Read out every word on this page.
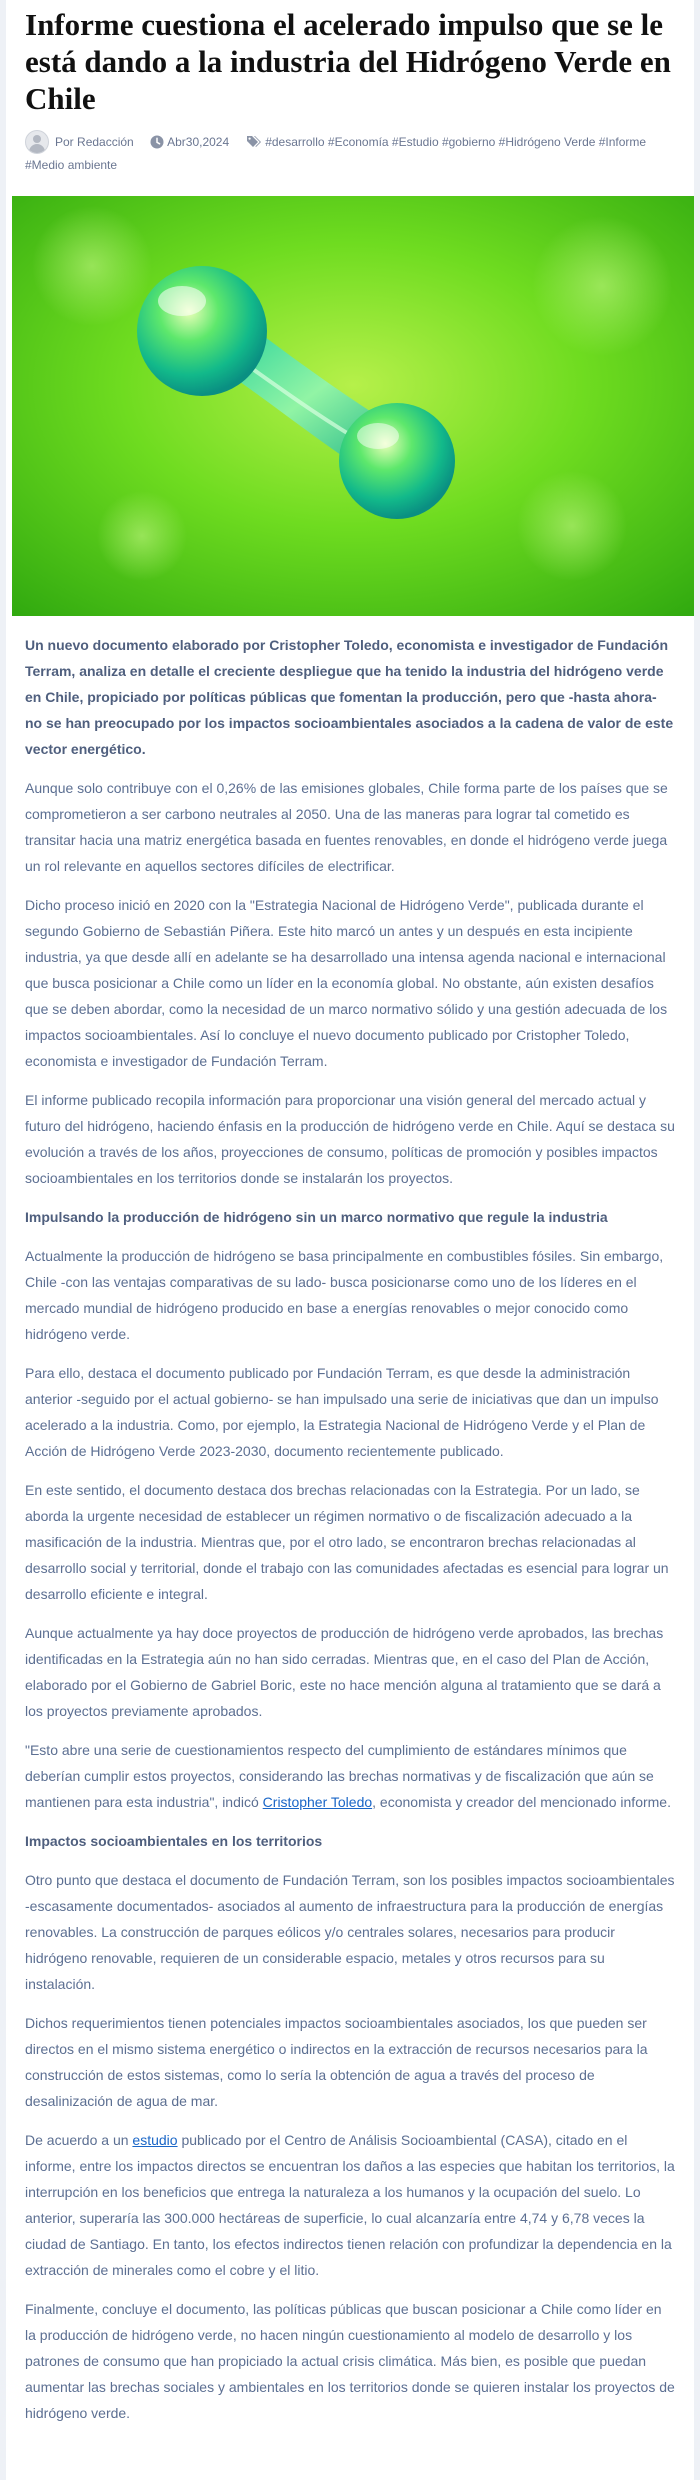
Informe cuestiona el acelerado impulso que se le está dando a la industria del Hidrógeno Verde en Chile
Por Redacción	Abr30,2024	#desarrollo #Economía #Estudio #gobierno #Hidrógeno Verde #Informe #Medio ambiente

Un nuevo documento elaborado por Cristopher Toledo, economista e investigador de Fundación Terram, analiza en detalle el creciente despliegue que ha tenido la industria del hidrógeno verde en Chile, propiciado por políticas públicas que fomentan la producción, pero que -hasta ahora- no se han preocupado por los impactos socioambientales asociados a la cadena de valor de este vector energético.

Aunque solo contribuye con el 0,26% de las emisiones globales, Chile forma parte de los países que se comprometieron a ser carbono neutrales al 2050. Una de las maneras para lograr tal cometido es transitar hacia una matriz energética basada en fuentes renovables, en donde el hidrógeno verde juega un rol relevante en aquellos sectores difíciles de electrificar.

Dicho proceso inició en 2020 con la "Estrategia Nacional de Hidrógeno Verde", publicada durante el segundo Gobierno de Sebastián Piñera. Este hito marcó un antes y un después en esta incipiente industria, ya que desde allí en adelante se ha desarrollado una intensa agenda nacional e internacional que busca posicionar a Chile como un líder en la economía global. No obstante, aún existen desafíos que se deben abordar, como la necesidad de un marco normativo sólido y una gestión adecuada de los impactos socioambientales. Así lo concluye el nuevo documento publicado por Cristopher Toledo, economista e investigador de Fundación Terram.

El informe publicado recopila información para proporcionar una visión general del mercado actual y futuro del hidrógeno, haciendo énfasis en la producción de hidrógeno verde en Chile. Aquí se destaca su evolución a través de los años, proyecciones de consumo, políticas de promoción y posibles impactos socioambientales en los territorios donde se instalarán los proyectos.

Impulsando la producción de hidrógeno sin un marco normativo que regule la industria

Actualmente la producción de hidrógeno se basa principalmente en combustibles fósiles. Sin embargo, Chile -con las ventajas comparativas de su lado- busca posicionarse como uno de los líderes en el mercado mundial de hidrógeno producido en base a energías renovables o mejor conocido como hidrógeno verde.

Para ello, destaca el documento publicado por Fundación Terram, es que desde la administración anterior -seguido por el actual gobierno- se han impulsado una serie de iniciativas que dan un impulso acelerado a la industria. Como, por ejemplo, la Estrategia Nacional de Hidrógeno Verde y el Plan de Acción de Hidrógeno Verde 2023-2030, documento recientemente publicado.

En este sentido, el documento destaca dos brechas relacionadas con la Estrategia. Por un lado, se aborda la urgente necesidad de establecer un régimen normativo o de fiscalización adecuado a la masificación de la industria. Mientras que, por el otro lado, se encontraron brechas relacionadas al desarrollo social y territorial, donde el trabajo con las comunidades afectadas es esencial para lograr un desarrollo eficiente e integral.

Aunque actualmente ya hay doce proyectos de producción de hidrógeno verde aprobados, las brechas identificadas en la Estrategia aún no han sido cerradas. Mientras que, en el caso del Plan de Acción, elaborado por el Gobierno de Gabriel Boric, este no hace mención alguna al tratamiento que se dará a los proyectos previamente aprobados.

"Esto abre una serie de cuestionamientos respecto del cumplimiento de estándares mínimos que deberían cumplir estos proyectos, considerando las brechas normativas y de fiscalización que aún se mantienen para esta industria", indicó Cristopher Toledo, economista y creador del mencionado informe.

Impactos socioambientales en los territorios

Otro punto que destaca el documento de Fundación Terram, son los posibles impactos socioambientales -escasamente documentados- asociados al aumento de infraestructura para la producción de energías renovables. La construcción de parques eólicos y/o centrales solares, necesarios para producir hidrógeno renovable, requieren de un considerable espacio, metales y otros recursos para su instalación.

Dichos requerimientos tienen potenciales impactos socioambientales asociados, los que pueden ser directos en el mismo sistema energético o indirectos en la extracción de recursos necesarios para la construcción de estos sistemas, como lo sería la obtención de agua a través del proceso de desalinización de agua de mar.

De acuerdo a un estudio publicado por el Centro de Análisis Socioambiental (CASA), citado en el informe, entre los impactos directos se encuentran los daños a las especies que habitan los territorios, la interrupción en los beneficios que entrega la naturaleza a los humanos y la ocupación del suelo. Lo anterior, superaría las 300.000 hectáreas de superficie, lo cual alcanzaría entre 4,74 y 6,78 veces la ciudad de Santiago. En tanto, los efectos indirectos tienen relación con profundizar la dependencia en la extracción de minerales como el cobre y el litio.

Finalmente, concluye el documento, las políticas públicas que buscan posicionar a Chile como líder en la producción de hidrógeno verde, no hacen ningún cuestionamiento al modelo de desarrollo y los patrones de consumo que han propiciado la actual crisis climática. Más bien, es posible que puedan aumentar las brechas sociales y ambientales en los territorios donde se quieren instalar los proyectos de hidrógeno verde.
